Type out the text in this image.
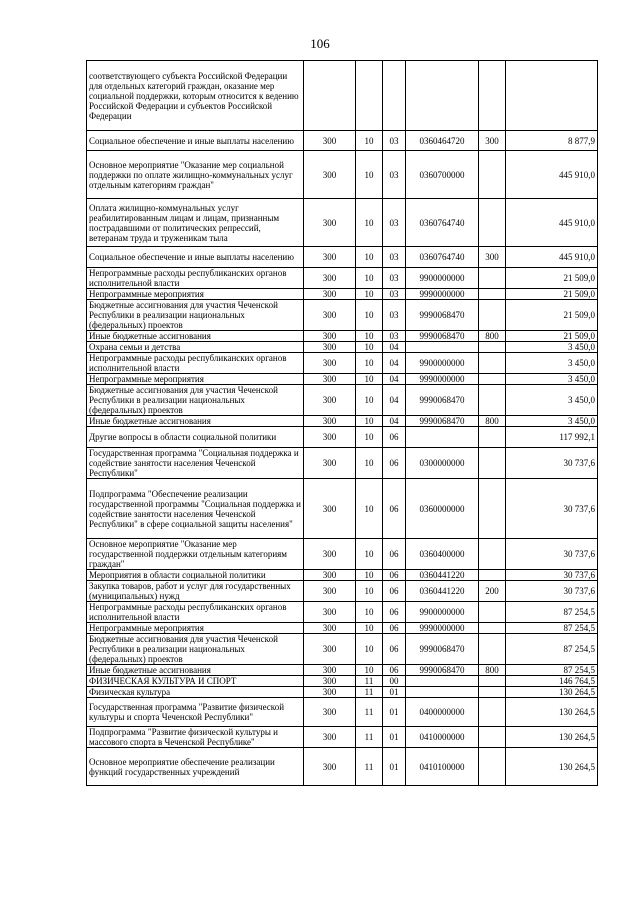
106
соответствующего субъекта Российской Федерации для отдельных категорий граждан, оказание мер социальной поддержки, которым относится к ведению Российской Федерации и субъектов Российской Федерации						
Социальное обеспечение и иные выплаты населению	300	10	03	0360464720	300	8 877,9
Основное мероприятие "Оказание мер социальной поддержки по оплате жилищно-коммунальных услуг отдельным категориям граждан"	300	10	03	0360700000		445 910,0
Оплата жилищно-коммунальных услуг реабилитированным лицам и лицам, признанным пострадавшими от политических репрессий, ветеранам труда и труженикам тыла	300	10	03	0360764740		445 910,0
Социальное обеспечение и иные выплаты населению	300	10	03	0360764740	300	445 910,0
Непрограммные расходы республиканских органов исполнительной власти	300	10	03	9900000000		21 509,0
Непрограммные мероприятия	300	10	03	9990000000		21 509,0
Бюджетные ассигнования для участия Чеченской Республики в реализации национальных (федеральных) проектов	300	10	03	9990068470		21 509,0
Иные бюджетные ассигнования	300	10	03	9990068470	800	21 509,0
Охрана семьи и детства	300	10	04			3 450,0
Непрограммные расходы республиканских органов исполнительной власти	300	10	04	9900000000		3 450,0
Непрограммные мероприятия	300	10	04	9990000000		3 450,0
Бюджетные ассигнования для участия Чеченской Республики в реализации национальных (федеральных) проектов	300	10	04	9990068470		3 450,0
Иные бюджетные ассигнования	300	10	04	9990068470	800	3 450,0
Другие вопросы в области социальной политики	300	10	06			117 992,1
Государственная программа "Социальная поддержка и содействие занятости населения Чеченской Республики"	300	10	06	0300000000		30 737,6
Подпрограмма "Обеспечение реализации государственной программы "Социальная поддержка и содействие занятости населения Чеченской Республики" в сфере социальной защиты населения"	300	10	06	0360000000		30 737,6
Основное мероприятие "Оказание мер государственной поддержки отдельным категориям граждан"	300	10	06	0360400000		30 737,6
Мероприятия в области социальной политики	300	10	06	0360441220		30 737,6
Закупка товаров, работ и услуг для государственных (муниципальных) нужд	300	10	06	0360441220	200	30 737,6
Непрограммные расходы республиканских органов исполнительной власти	300	10	06	9900000000		87 254,5
Непрограммные мероприятия	300	10	06	9990000000		87 254,5
Бюджетные ассигнования для участия Чеченской Республики в реализации национальных (федеральных) проектов	300	10	06	9990068470		87 254,5
Иные бюджетные ассигнования	300	10	06	9990068470	800	87 254,5
ФИЗИЧЕСКАЯ КУЛЬТУРА И СПОРТ	300	11	00			146 764,5
Физическая культура	300	11	01			130 264,5
Государственная программа "Развитие физической культуры и спорта Чеченской Республики"	300	11	01	0400000000		130 264,5
Подпрограмма "Развитие физической культуры и массового спорта в Чеченской Республике"	300	11	01	0410000000		130 264,5
Основное мероприятие обеспечение реализации функций государственных учреждений	300	11	01	0410100000		130 264,5
